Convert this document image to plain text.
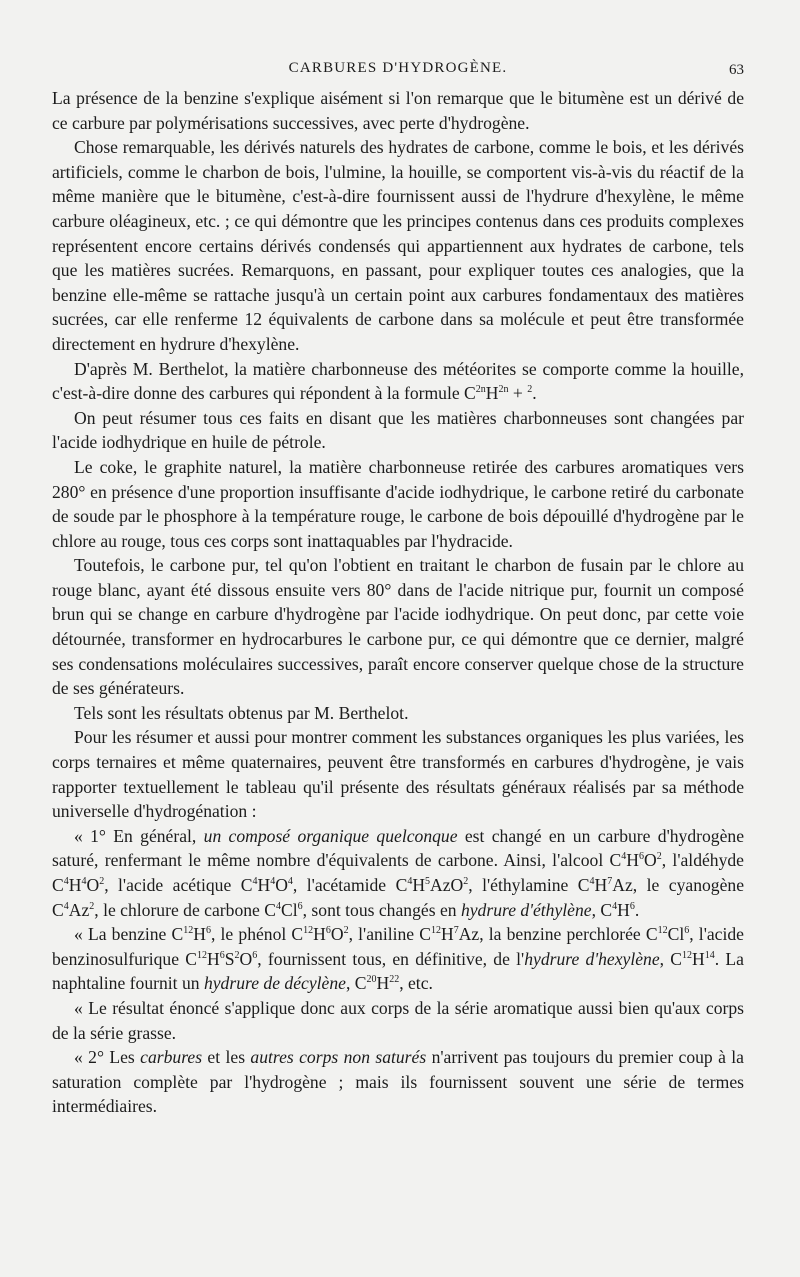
CARBURES D'HYDROGÈNE.	63

La présence de la benzine s'explique aisément si l'on remarque que le bitumène est un dérivé de ce carbure par polymérisations successives, avec perte d'hydrogène.

Chose remarquable, les dérivés naturels des hydrates de carbone, comme le bois, et les dérivés artificiels, comme le charbon de bois, l'ulmine, la houille, se comportent vis-à-vis du réactif de la même manière que le bitumène, c'est-à-dire fournissent aussi de l'hydrure d'hexylène, le même carbure oléagineux, etc. ; ce qui démontre que les principes contenus dans ces produits complexes représentent encore certains dérivés condensés qui appartiennent aux hydrates de carbone, tels que les matières sucrées. Remarquons, en passant, pour expliquer toutes ces analogies, que la benzine elle-même se rattache jusqu'à un certain point aux carbures fondamentaux des matières sucrées, car elle renferme 12 équivalents de carbone dans sa molécule et peut être transformée directement en hydrure d'hexylène.

D'après M. Berthelot, la matière charbonneuse des météorites se comporte comme la houille, c'est-à-dire donne des carbures qui répondent à la formule $C^{2n}H^{2n} + ^2$.

On peut résumer tous ces faits en disant que les matières charbonneuses sont changées par l'acide iodhydrique en huile de pétrole.

Le coke, le graphite naturel, la matière charbonneuse retirée des carbures aromatiques vers 280° en présence d'une proportion insuffisante d'acide iodhydrique, le carbone retiré du carbonate de soude par le phosphore à la température rouge, le carbone de bois dépouillé d'hydrogène par le chlore au rouge, tous ces corps sont inattaquables par l'hydracide.

Toutefois, le carbone pur, tel qu'on l'obtient en traitant le charbon de fusain par le chlore au rouge blanc, ayant été dissous ensuite vers 80° dans de l'acide nitrique pur, fournit un composé brun qui se change en carbure d'hydrogène par l'acide iodhydrique. On peut donc, par cette voie détournée, transformer en hydrocarbures le carbone pur, ce qui démontre que ce dernier, malgré ses condensations moléculaires successives, paraît encore conserver quelque chose de la structure de ses générateurs.

Tels sont les résultats obtenus par M. Berthelot.

Pour les résumer et aussi pour montrer comment les substances organiques les plus variées, les corps ternaires et même quaternaires, peuvent être transformés en carbures d'hydrogène, je vais rapporter textuellement le tableau qu'il présente des résultats généraux réalisés par sa méthode universelle d'hydrogénation :

« 1° En général, un composé organique quelconque est changé en un carbure d'hydrogène saturé, renfermant le même nombre d'équivalents de carbone. Ainsi, l'alcool $C^4H^6O^2$, l'aldéhyde $C^4H^4O^2$, l'acide acétique $C^4H^4O^4$, l'acétamide $C^4H^5AzO^2$, l'éthylamine $C^4H^7Az$, le cyanogène $C^4Az^2$, le chlorure de carbone $C^4Cl^6$, sont tous changés en hydrure d'éthylène, $C^4H^6$.

« La benzine $C^{12}H^6$, le phénol $C^{12}H^6O^2$, l'aniline $C^{12}H^7Az$, la benzine perchlorée $C^{12}Cl^6$, l'acide benzinosulfurique $C^{12}H^6S^2O^6$, fournissent tous, en définitive, de l'hydrure d'hexylène, $C^{12}H^{14}$. La naphtaline fournit un hydrure de décylène, $C^{20}H^{22}$, etc.

« Le résultat énoncé s'applique donc aux corps de la série aromatique aussi bien qu'aux corps de la série grasse.

« 2° Les carbures et les autres corps non saturés n'arrivent pas toujours du premier coup à la saturation complète par l'hydrogène ; mais ils fournissent souvent une série de termes intermédiaires.
